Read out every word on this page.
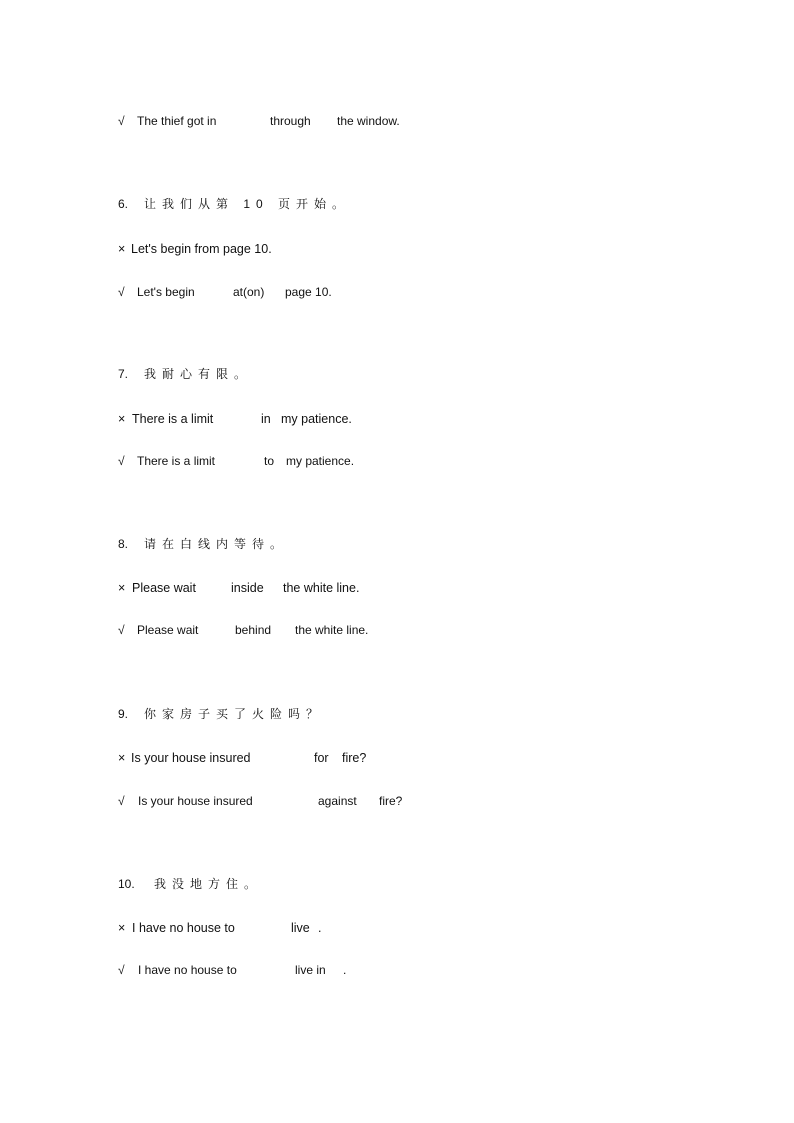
√ The thief got in	through the window.
6. 让我们从第 10 页开始。
× Let's begin from page 10.
√ Let's begin	at(on) page 10.
7. 我耐心有限。
× There is a limit	in my patience.
√ There is a limit	to my patience.
8. 请在白线内等待。
× Please wait	inside the white line.
√ Please wait	behind the white line.
9. 你家房子买了火险吗？
× Is your house insured	for fire?
√ Is your house insured	against fire?
10. 我没地方住。
× I have no house to	live .
√ I have no house to	live in .
